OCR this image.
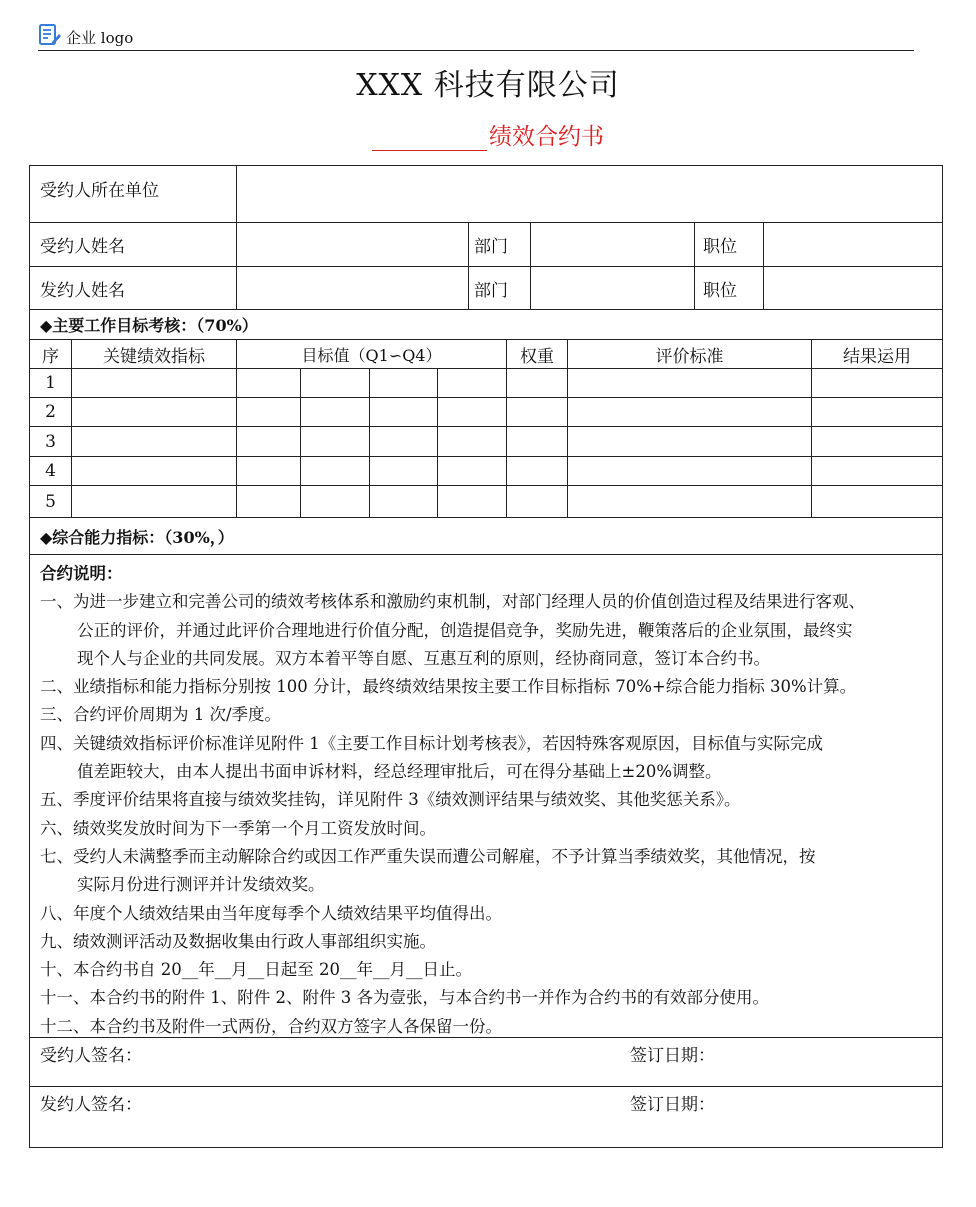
企业 logo
XXX 科技有限公司
绩效合约书
受约人所在单位
受约人姓名	部门	职位
发约人姓名	部门	职位
◆主要工作目标考核：（70%）
序	关键绩效指标	目标值（Q1∽Q4）	权重	评价标准	结果运用
1
2
3
4
5
◆综合能力指标：（30%，）

合约说明：

一、为进一步建立和完善公司的绩效考核体系和激励约束机制，对部门经理人员的价值创造过程及结果进行客观、

公正的评价，并通过此评价合理地进行价值分配，创造提倡竞争，奖励先进，鞭策落后的企业氛围，最终实

现个人与企业的共同发展。双方本着平等自愿、互惠互利的原则，经协商同意，签订本合约书。

二、业绩指标和能力指标分别按 100 分计，最终绩效结果按主要工作目标指标 70%+综合能力指标 30%计算。

三、合约评价周期为 1 次/季度。

四、关键绩效指标评价标准详见附件 1《主要工作目标计划考核表》，若因特殊客观原因，目标值与实际完成

值差距较大，由本人提出书面申诉材料，经总经理审批后，可在得分基础上±20%调整。

五、季度评价结果将直接与绩效奖挂钩，详见附件 3《绩效测评结果与绩效奖、其他奖惩关系》。

六、绩效奖发放时间为下一季第一个月工资发放时间。

七、受约人未满整季而主动解除合约或因工作严重失误而遭公司解雇，不予计算当季绩效奖，其他情况，按

实际月份进行测评并计发绩效奖。

八、年度个人绩效结果由当年度每季个人绩效结果平均值得出。

九、绩效测评活动及数据收集由行政人事部组织实施。

十、本合约书自 20__年__月__日起至 20__年__月__日止。

十一、本合约书的附件 1、附件 2、附件 3 各为壹张，与本合约书一并作为合约书的有效部分使用。

十二、本合约书及附件一式两份，合约双方签字人各保留一份。

受约人签名：	签订日期：
发约人签名：	签订日期：
